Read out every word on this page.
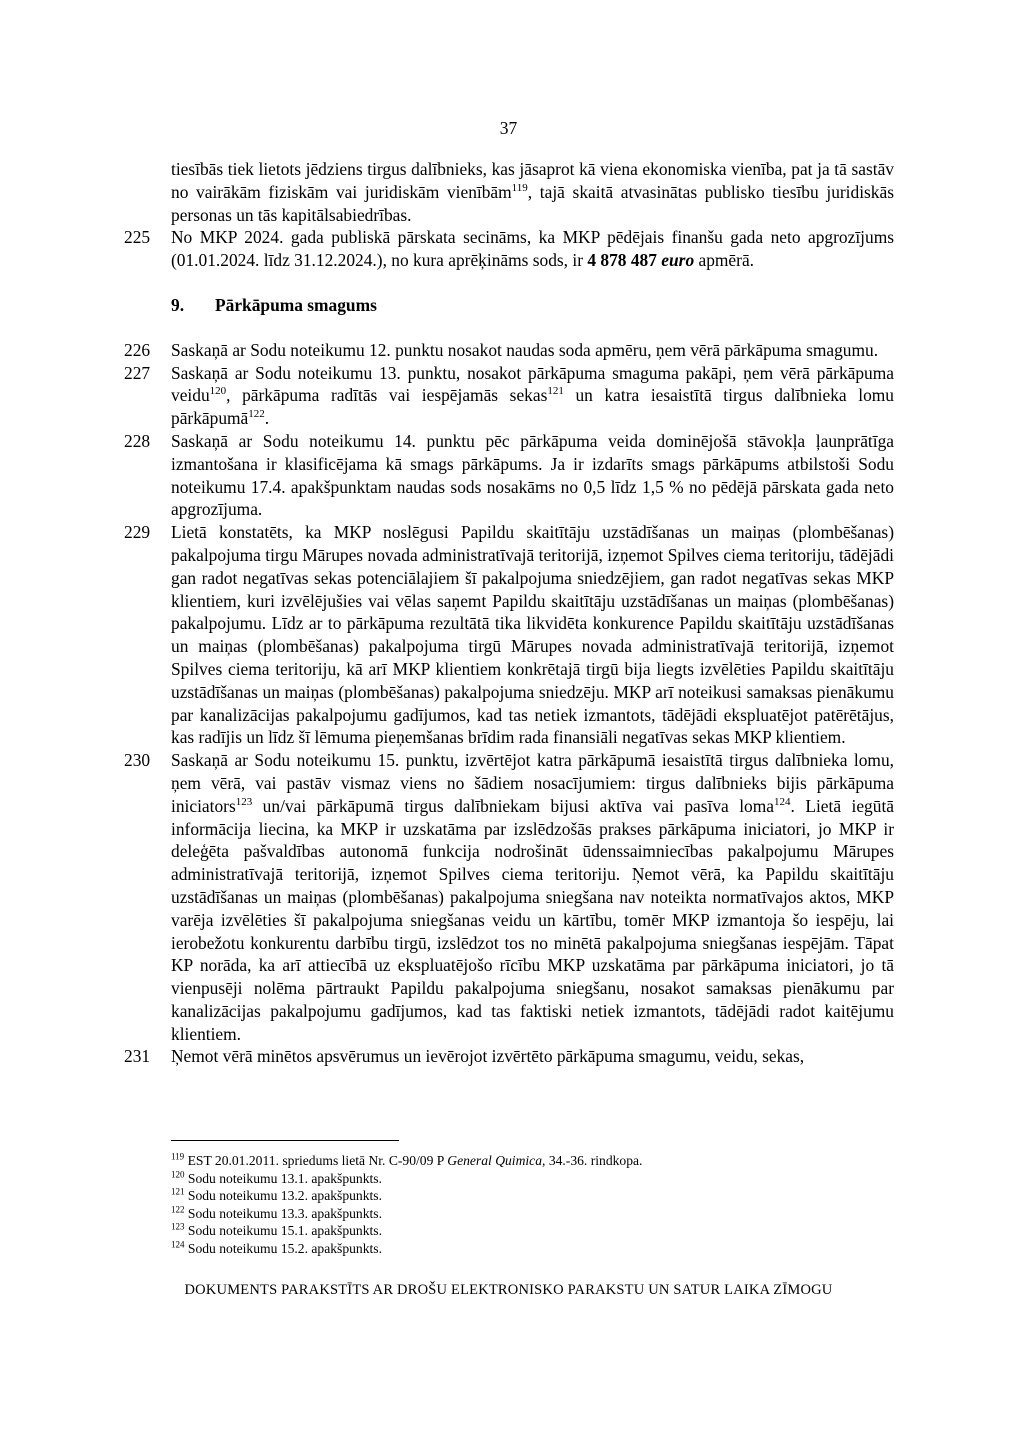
37

tiesībās tiek lietots jēdziens tirgus dalībnieks, kas jāsaprot kā viena ekonomiska vienība, pat ja tā sastāv no vairākām fiziskām vai juridiskām vienībām$^{119}$, tajā skaitā atvasinātas publisko tiesību juridiskās personas un tās kapitālsabiedrības.

225 No MKP 2024. gada publiskā pārskata secināms, ka MKP pēdējais finanšu gada neto apgrozījums (01.01.2024. līdz 31.12.2024.), no kura aprēķināms sods, ir 4 878 487 euro apmērā.

9. Pārkāpuma smagums

226 Saskaņā ar Sodu noteikumu 12. punktu nosakot naudas soda apmēru, ņem vērā pārkāpuma smagumu.

227 Saskaņā ar Sodu noteikumu 13. punktu, nosakot pārkāpuma smaguma pakāpi, ņem vērā pārkāpuma veidu$^{120}$, pārkāpuma radītās vai iespējamās sekas$^{121}$ un katra iesaistītā tirgus dalībnieka lomu pārkāpumā$^{122}$.

228 Saskaņā ar Sodu noteikumu 14. punktu pēc pārkāpuma veida dominējošā stāvokļa ļaunprātīga izmantošana ir klasificējama kā smags pārkāpums. Ja ir izdarīts smags pārkāpums atbilstoši Sodu noteikumu 17.4. apakšpunktam naudas sods nosakāms no 0,5 līdz 1,5 % no pēdējā pārskata gada neto apgrozījuma.

229 Lietā konstatēts, ka MKP noslēgusi Papildu skaitītāju uzstādīšanas un maiņas (plombēšanas) pakalpojuma tirgu Mārupes novada administratīvajā teritorijā, izņemot Spilves ciema teritoriju, tādējādi gan radot negatīvas sekas potenciālajiem šī pakalpojuma sniedzējiem, gan radot negatīvas sekas MKP klientiem, kuri izvēlējušies vai vēlas saņemt Papildu skaitītāju uzstādīšanas un maiņas (plombēšanas) pakalpojumu. Līdz ar to pārkāpuma rezultātā tika likvidēta konkurence Papildu skaitītāju uzstādīšanas un maiņas (plombēšanas) pakalpojuma tirgū Mārupes novada administratīvajā teritorijā, izņemot Spilves ciema teritoriju, kā arī MKP klientiem konkrētajā tirgū bija liegts izvēlēties Papildu skaitītāju uzstādīšanas un maiņas (plombēšanas) pakalpojuma sniedzēju. MKP arī noteikusi samaksas pienākumu par kanalizācijas pakalpojumu gadījumos, kad tas netiek izmantots, tādējādi ekspluatējot patērētājus, kas radījis un līdz šī lēmuma pieņemšanas brīdim rada finansiāli negatīvas sekas MKP klientiem.

230 Saskaņā ar Sodu noteikumu 15. punktu, izvērtējot katra pārkāpumā iesaistītā tirgus dalībnieka lomu, ņem vērā, vai pastāv vismaz viens no šādiem nosacījumiem: tirgus dalībnieks bijis pārkāpuma iniciators$^{123}$ un/vai pārkāpumā tirgus dalībniekam bijusi aktīva vai pasīva loma$^{124}$. Lietā iegūtā informācija liecina, ka MKP ir uzskatāma par izslēdzošās prakses pārkāpuma iniciatori, jo MKP ir deleģēta pašvaldības autonomā funkcija nodrošināt ūdenssaimniecības pakalpojumu Mārupes administratīvajā teritorijā, izņemot Spilves ciema teritoriju. Ņemot vērā, ka Papildu skaitītāju uzstādīšanas un maiņas (plombēšanas) pakalpojuma sniegšana nav noteikta normatīvajos aktos, MKP varēja izvēlēties šī pakalpojuma sniegšanas veidu un kārtību, tomēr MKP izmantoja šo iespēju, lai ierobežotu konkurentu darbību tirgū, izslēdzot tos no minētā pakalpojuma sniegšanas iespējām. Tāpat KP norāda, ka arī attiecībā uz ekspluatējošo rīcību MKP uzskatāma par pārkāpuma iniciatori, jo tā vienpusēji nolēma pārtraukt Papildu pakalpojuma sniegšanu, nosakot samaksas pienākumu par kanalizācijas pakalpojumu gadījumos, kad tas faktiski netiek izmantots, tādējādi radot kaitējumu klientiem.

231 Ņemot vērā minētos apsvērumus un ievērojot izvērtēto pārkāpuma smagumu, veidu, sekas,

$^{119}$ EST 20.01.2011. spriedums lietā Nr. C-90/09 P General Quimica, 34.-36. rindkopa.
$^{120}$ Sodu noteikumu 13.1. apakšpunkts.
$^{121}$ Sodu noteikumu 13.2. apakšpunkts.
$^{122}$ Sodu noteikumu 13.3. apakšpunkts.
$^{123}$ Sodu noteikumu 15.1. apakšpunkts.
$^{124}$ Sodu noteikumu 15.2. apakšpunkts.
DOKUMENTS PARAKSTĪTS AR DROŠU ELEKTRONISKO PARAKSTU UN SATUR LAIKA ZĪMOGU
